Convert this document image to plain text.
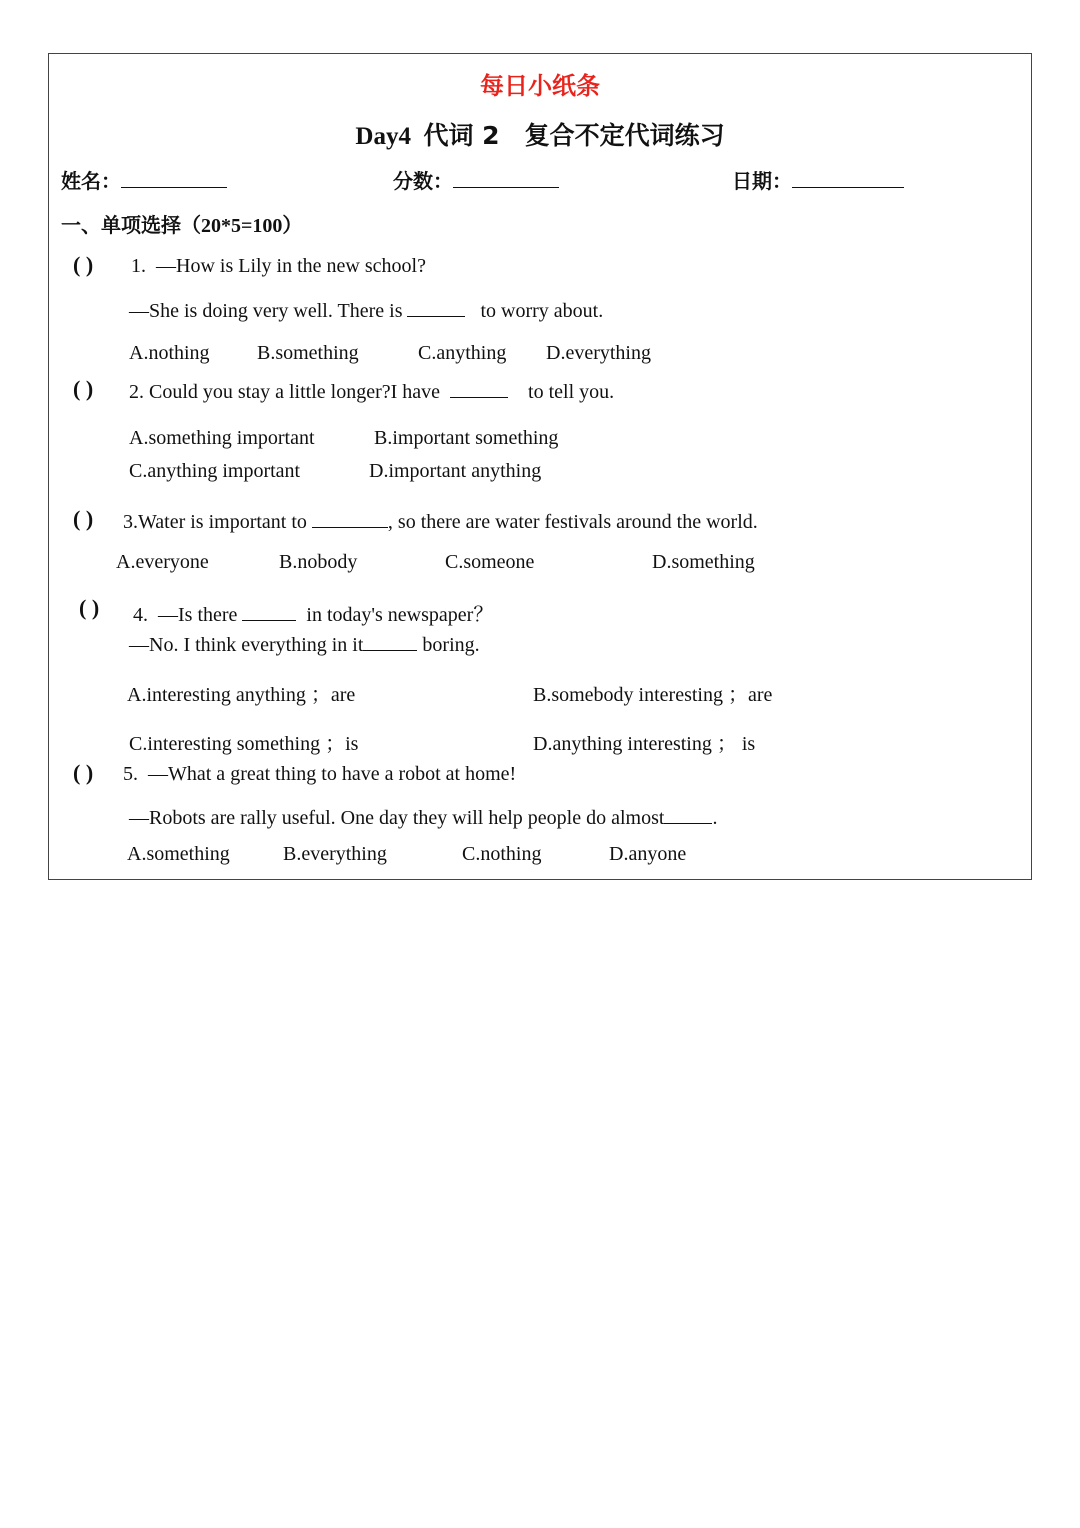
每日小纸条
Day4 代词 2 复合不定代词练习
姓名：	分数：	日期：
一、单项选择（20*5=100）
( ) 1. —How is Lily in the new school?
—She is doing very well. There is	to worry about.
A.nothing B.something	C.anything D.everything
( ) 2. Could you stay a little longer?I have	to tell you.
A.something important	B.important something
C.anything important	D.important anything
( ) 3.Water is important to	, so there are water festivals around the world.
A.everyone	B.nobody	C.someone	D.something
( ) 4. —Is there	in today's newspaper？
—No. I think everything in it	boring.
A.interesting anything ；are	B.somebody interesting ；are
C.interesting something ；is	D.anything interesting ； is
( ) 5. —What a great thing to have a robot at home!
—Robots are rally useful. One day they will help people do almost .
A.something	B.everything	C.nothing	D.anyone
